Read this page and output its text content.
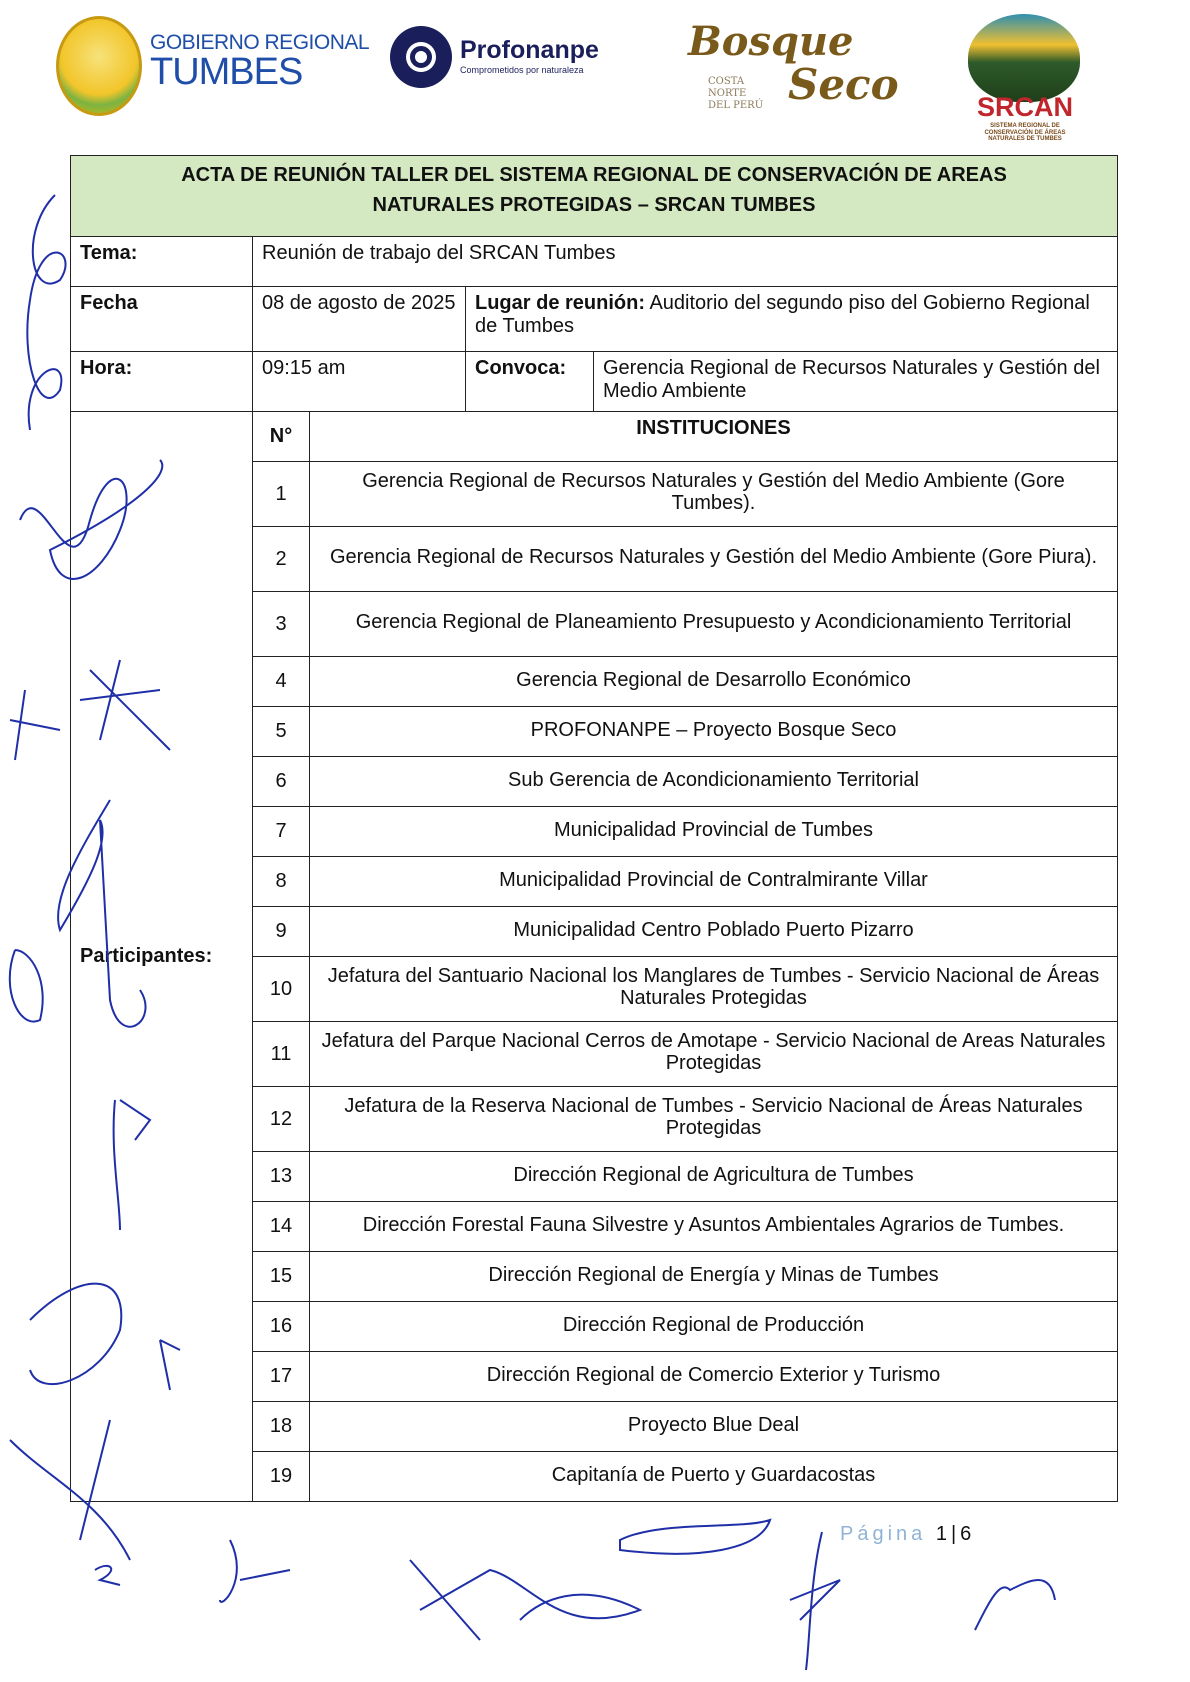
GOBIERNO REGIONAL
TUMBES
Profonanpe
Comprometidos por naturaleza
Bosque
Seco
COSTA NORTE DEL PERÚ	SRCAN
SISTEMA REGIONAL DE CONSERVACIÓN DE ÁREAS NATURALES DE TUMBES
ACTA DE REUNIÓN TALLER DEL SISTEMA REGIONAL DE CONSERVACIÓN DE AREAS
NATURALES PROTEGIDAS – SRCAN TUMBES				

Tema:	Reunión de trabajo del SRCAN Tumbes			
Fecha	08 de agosto de 2025		Lugar de reunión: Auditorio del segundo piso del Gobierno Regional de Tumbes	
Hora:	09:15 am		Convoca:	Gerencia Regional de Recursos Naturales y Gestión del Medio Ambiente
Participantes:	N°	INSTITUCIONES		
	1	Gerencia Regional de Recursos Naturales y Gestión del Medio Ambiente (Gore Tumbes).		
	2	Gerencia Regional de Recursos Naturales y Gestión del Medio Ambiente (Gore Piura).		
	3	Gerencia Regional de Planeamiento Presupuesto y Acondicionamiento Territorial		
	4	Gerencia Regional de Desarrollo Económico		
	5	PROFONANPE – Proyecto Bosque Seco		
	6	Sub Gerencia de Acondicionamiento Territorial		
	7	Municipalidad Provincial de Tumbes		
	8	Municipalidad Provincial de Contralmirante Villar		
	9	Municipalidad Centro Poblado Puerto Pizarro		
	10	Jefatura del Santuario Nacional los Manglares de Tumbes - Servicio Nacional de Áreas Naturales Protegidas		
	11	Jefatura del Parque Nacional Cerros de Amotape - Servicio Nacional de Areas Naturales Protegidas		
	12	Jefatura de la Reserva Nacional de Tumbes - Servicio Nacional de Áreas Naturales Protegidas		
	13	Dirección Regional de Agricultura de Tumbes		
	14	Dirección Forestal Fauna Silvestre y Asuntos Ambientales Agrarios de Tumbes.		
	15	Dirección Regional de Energía y Minas de Tumbes		
	16	Dirección Regional de Producción		
	17	Dirección Regional de Comercio Exterior y Turismo		
	18	Proyecto Blue Deal		
	19	Capitanía de Puerto y Guardacostas		
Página 1|6
